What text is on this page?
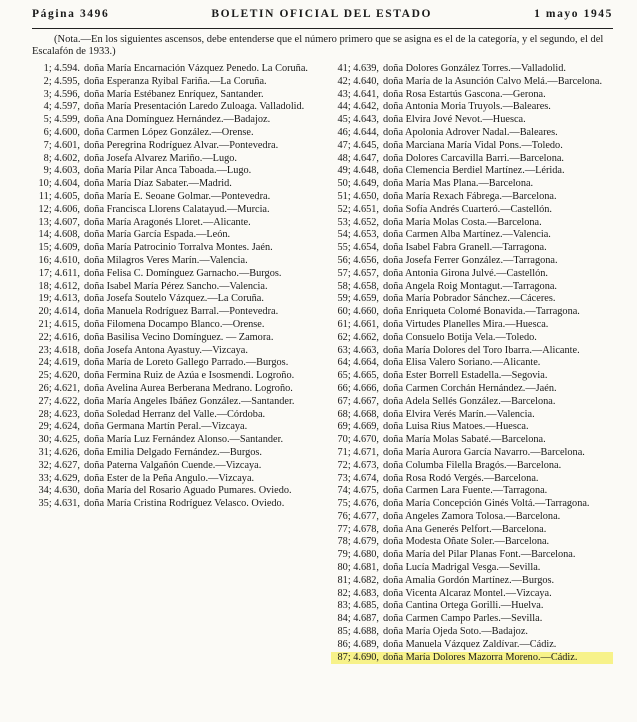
Página 3496	BOLETIN OFICIAL DEL ESTADO	1 mayo 1945

(Nota.—En los siguientes ascensos, debe entenderse que el número primero que se asigna es el de la categoría, y el segundo, el del Escalafón de 1933.)

1; 4.594. doña María Encarnación Vázquez Penedo. La Coruña.
2; 4.595, doña Esperanza Ryibal Fariña.—La Coruña.
3; 4.596, doña María Estébanez Enríquez, Santander.
4; 4.597, doña María Presentación Laredo Zuloaga. Valladolid.
5; 4.599, doña Ana Domínguez Hernández.—Badajoz.
6; 4.600, doña Carmen López González.—Orense.
7; 4.601, doña Peregrina Rodríguez Alvar.—Pontevedra.
8; 4.602, doña Josefa Alvarez Mariño.—Lugo.
9; 4.603, doña María Pilar Anca Taboada.—Lugo.
10; 4.604, doña María Díaz Sabater.—Madrid.
11; 4.605, doña María E. Seoane Golmar.—Pontevedra.
12; 4.606, doña Francisca Llorens Calatayud.—Murcia.
13; 4.607, doña María Aragonés Lloret.—Alicante.
14; 4.608, doña María García Espada.—León.
15; 4.609, doña María Patrocinio Torralva Montes. Jaén.
16; 4.610, doña Milagros Veres Marín.—Valencia.
17; 4.611, doña Felisa C. Domínguez Garnacho.—Burgos.
18; 4.612, doña Isabel María Pérez Sancho.—Valencia.
19; 4.613, doña Josefa Soutelo Vázquez.—La Coruña.
20; 4.614, doña Manuela Rodríguez Barral.—Pontevedra.
21; 4.615, doña Filomena Docampo Blanco.—Orense.
22; 4.616, doña Basilisa Vecino Domínguez. — Zamora.
23; 4.618, doña Josefa Antona Ayastuy.—Vizcaya.
24; 4.619, doña María de Loreto Gallego Parrado.—Burgos.
25; 4.620, doña Fermina Ruiz de Azúa e Isosmendi. Logroño.
26; 4.621, doña Avelina Aurea Berberana Medrano. Logroño.
27; 4.622, doña María Angeles Ibáñez González.—Santander.
28; 4.623, doña Soledad Herranz del Valle.—Córdoba.
29; 4.624, doña Germana Martín Peral.—Vizcaya.
30; 4.625, doña María Luz Fernández Alonso.—Santander.
31; 4.626, doña Emilia Delgado Fernández.—Burgos.
32; 4.627, doña Paterna Valgañón Cuende.—Vizcaya.
33; 4.629, doña Ester de la Peña Angulo.—Vizcaya.
34; 4.630, doña María del Rosario Aguado Pumares. Oviedo.
35; 4.631, doña María Cristina Rodríguez Velasco. Oviedo.
41; 4.639, doña Dolores González Torres.—Valladolid.
42; 4.640, doña María de la Asunción Calvo Melá.—Barcelona.
43; 4.641, doña Rosa Estartús Gascona.—Gerona.
44; 4.642, doña Antonia Moria Truyols.—Baleares.
45; 4.643, doña Elvira Jové Nevot.—Huesca.
46; 4.644, doña Apolonia Adrover Nadal.—Baleares.
47; 4.645, doña Marciana María Vidal Pons.—Toledo.
48; 4.647, doña Dolores Carcavilla Barri.—Barcelona.
49; 4.648, doña Clemencia Berdiel Martínez.—Lérida.
50; 4.649, doña María Mas Plana.—Barcelona.
51; 4.650, doña María Rexach Fábrega.—Barcelona.
52; 4.651, doña Sofía Andrés Cuarteró.—Castellón.
53; 4.652, doña María Molas Costa.—Barcelona.
54; 4.653, doña Carmen Alba Martínez.—Valencia.
55; 4.654, doña Isabel Fabra Granell.—Tarragona.
56; 4.656, doña Josefa Ferrer González.—Tarragona.
57; 4.657, doña Antonia Girona Julvé.—Castellón.
58; 4.658, doña Angela Roig Montagut.—Tarragona.
59; 4.659, doña María Pobrador Sánchez.—Cáceres.
60; 4.660, doña Enriqueta Colomé Bonavida.—Tarragona.
61; 4.661, doña Virtudes Planelles Mira.—Huesca.
62; 4.662, doña Consuelo Botija Vela.—Toledo.
63; 4.663, doña María Dolores del Toro Ibarra.—Alicante.
64; 4.664, doña Elisa Valero Soriano.—Alicante.
65; 4.665, doña Ester Borrell Estadella.—Segovia.
66; 4.666, doña Carmen Corchán Hernández.—Jaén.
67; 4.667, doña Adela Sellés González.—Barcelona.
68; 4.668, doña Elvira Verés Marín.—Valencia.
69; 4.669, doña Luisa Rius Matoes.—Huesca.
70; 4.670, doña María Molas Sabaté.—Barcelona.
71; 4.671, doña María Aurora García Navarro.—Barcelona.
72; 4.673, doña Columba Filella Bragós.—Barcelona.
73; 4.674, doña Rosa Rodó Vergés.—Barcelona.
74; 4.675, doña Carmen Lara Fuente.—Tarragona.
75; 4.676, doña María Concepción Ginés Voltá.—Tarragona.
76; 4.677, doña Angeles Zamora Tolosa.—Barcelona.
77; 4.678, doña Ana Generés Pelfort.—Barcelona.
78; 4.679, doña Modesta Oñate Soler.—Barcelona.
79; 4.680, doña María del Pilar Planas Font.—Barcelona.
80; 4.681, doña Lucía Madrigal Vesga.—Sevilla.
81; 4.682, doña Amalia Gordón Martínez.—Burgos.
82; 4.683, doña Vicenta Alcaraz Montel.—Vizcaya.
83; 4.685, doña Cantina Ortega Gorilli.—Huelva.
84; 4.687, doña Carmen Campo Parles.—Sevilla.
85; 4.688, doña María Ojeda Soto.—Badajoz.
86; 4.689, doña Manuela Vázquez Zaldívar.—Cádiz.
87; 4.690, doña María Dolores Mazorra Moreno.—Cádiz.
